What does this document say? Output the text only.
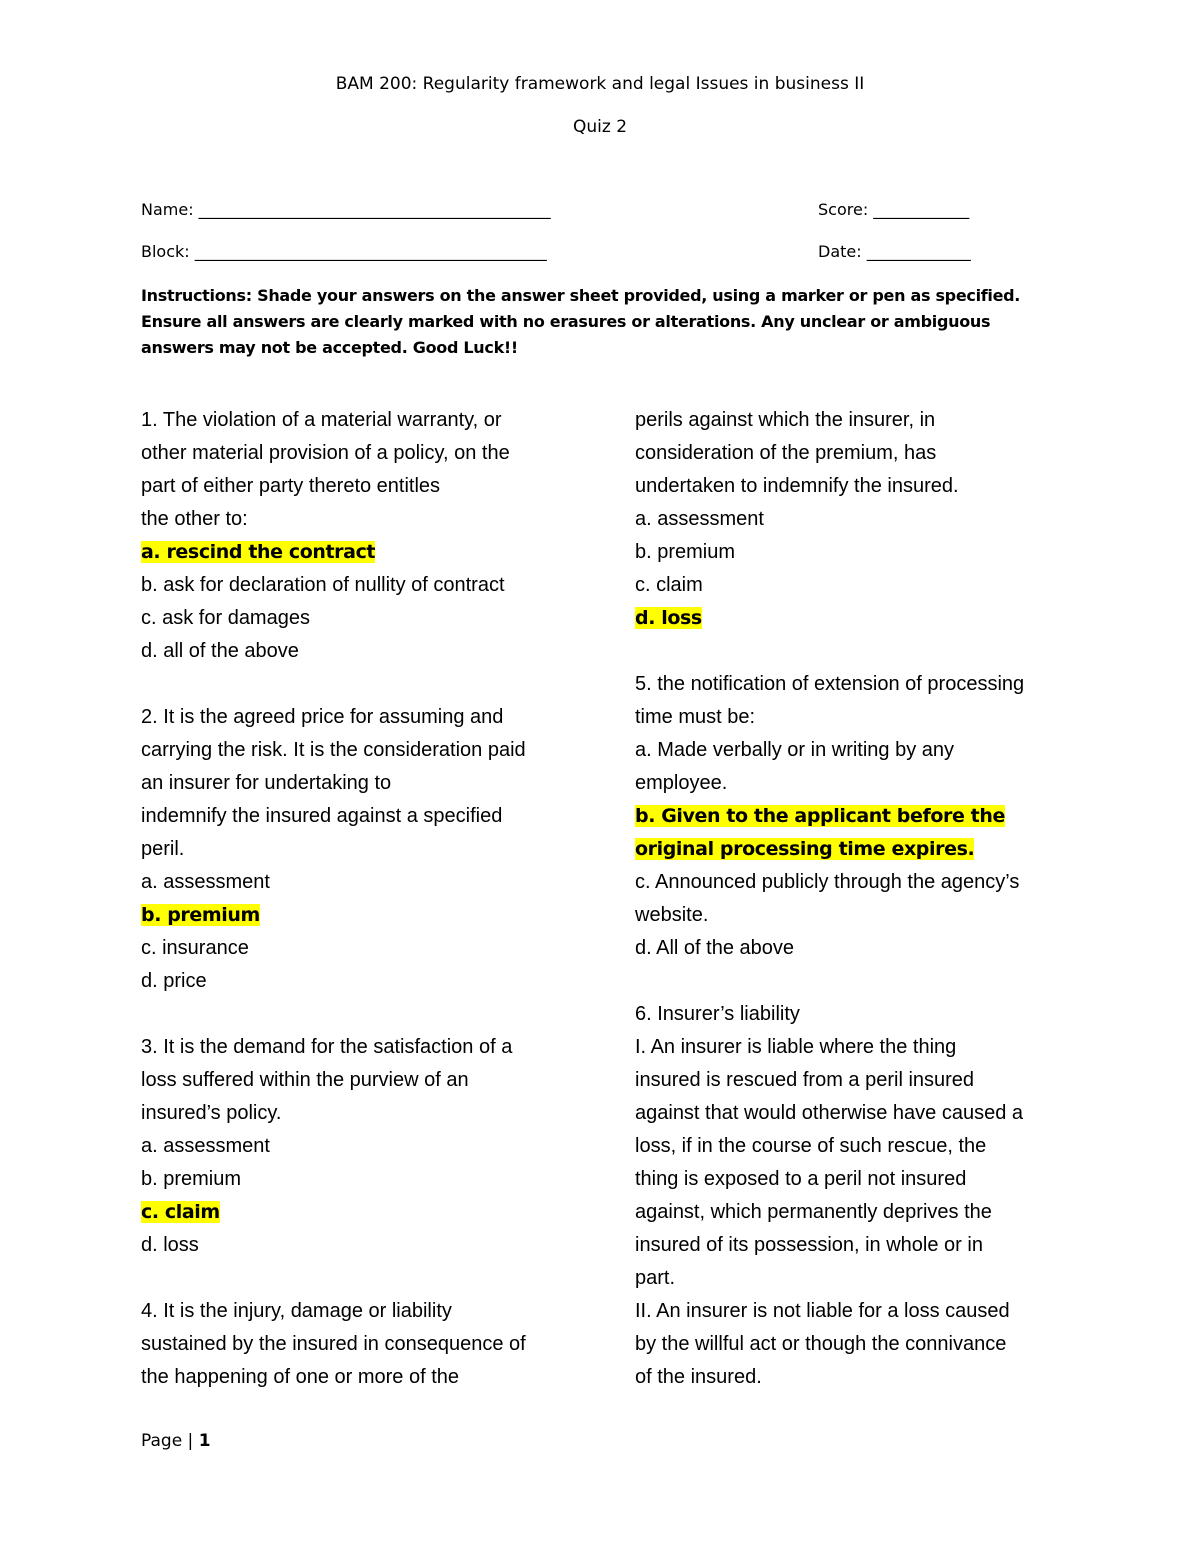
BAM 200: Regularity framework and legal Issues in business II
Quiz 2
Name: ____________________________________________	Score: ____________
Block: ____________________________________________	Date: _____________
Instructions: Shade your answers on the answer sheet provided, using a marker or pen as specified.
Ensure all answers are clearly marked with no erasures or alterations. Any unclear or ambiguous
answers may not be accepted. Good Luck!!
1. The violation of a material warranty, or
other material provision of a policy, on the
part of either party thereto entitles
the other to:
a. rescind the contract
b. ask for declaration of nullity of contract
c. ask for damages
d. all of the above
2. It is the agreed price for assuming and
carrying the risk. It is the consideration paid
an insurer for undertaking to
indemnify the insured against a specified
peril.
a. assessment
b. premium
c. insurance
d. price
3. It is the demand for the satisfaction of a
loss suffered within the purview of an
insured’s policy.
a. assessment
b. premium
c. claim
d. loss
4. It is the injury, damage or liability
sustained by the insured in consequence of
the happening of one or more of the
perils against which the insurer, in
consideration of the premium, has
undertaken to indemnify the insured.
a. assessment
b. premium
c. claim
d. loss
5. the notification of extension of processing
time must be:
a. Made verbally or in writing by any
employee.
b. Given to the applicant before the
original processing time expires.
c. Announced publicly through the agency’s
website.
d. All of the above
6. Insurer’s liability
I. An insurer is liable where the thing
insured is rescued from a peril insured
against that would otherwise have caused a
loss, if in the course of such rescue, the
thing is exposed to a peril not insured
against, which permanently deprives the
insured of its possession, in whole or in
part.
II. An insurer is not liable for a loss caused
by the willful act or though the connivance
of the insured.
Page | 1
